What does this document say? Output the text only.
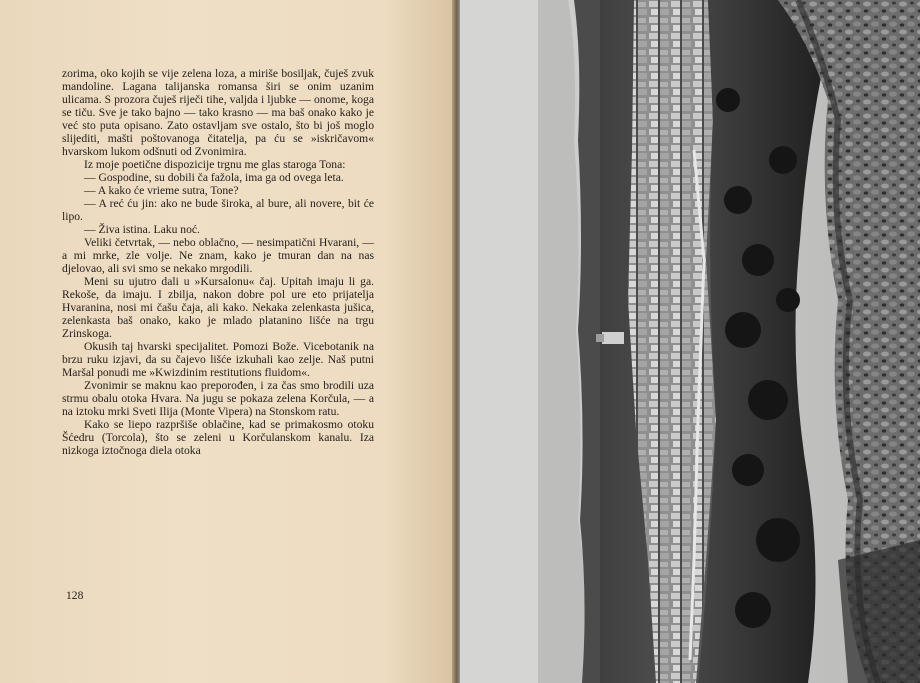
zorima, oko kojih se vije zelena loza, a miriše bosiljak, čuješ zvuk mandoline. Lagana talijanska romansa širi se onim uzanim ulicama. S prozora čuješ riječi tihe, valjda i ljubke — onome, koga se tiču. Sve je tako bajno — tako krasno — ma baš onako kako je već sto puta opisano. Zato ostavljam sve ostalo, što bi još moglo slijediti, mašti poštovanoga čitatelja, pa ću se »iskričavom« hvarskom lukom odšnuti od Zvonimira.

Iz moje poetične dispozicije trgnu me glas staroga Tona:

— Gospodine, su dobili ča fažola, ima ga od ovega leta.

— A kako će vrieme sutra, Tone?

— A reć ću jin: ako ne bude široka, al bure, ali novere, bit će lipo.

— Živa istina. Laku noć.

Veliki četvrtak, — nebo oblačno, — nesimpatični Hvarani, — a mi mrke, zle volje. Ne znam, kako je tmuran dan na nas djelovao, ali svi smo se nekako mrgodili.

Meni su ujutro dali u »Kursalonu« čaj. Upitah imaju li ga. Rekoše, da imaju. I zbilja, nakon dobre pol ure eto prijatelja Hvaranina, nosi mi čašu čaja, ali kako. Nekaka zelenkasta jušica, zelenkasta baš onako, kako je mlado platanino lišće na trgu Zrinskoga.

Okusih taj hvarski specijalitet. Pomozi Bože. Vicebotanik na brzu ruku izjavi, da su čajevo lišće izkuhali kao zelje. Naš putni Maršal ponudi me »Kwizdinim restitutions fluidom«.

Zvonimir se maknu kao preporođen, i za čas smo brodili uza strmu obalu otoka Hvara. Na jugu se pokaza zelena Korčula, — a na iztoku mrki Sveti Ilija (Monte Vipera) na Stonskom ratu.

Kako se liepo razpršiše oblačine, kad se primakosmo otoku Šćedru (Torcola), što se zeleni u Korčulanskom kanalu. Iza nizkoga iztočnoga diela otoka

128
